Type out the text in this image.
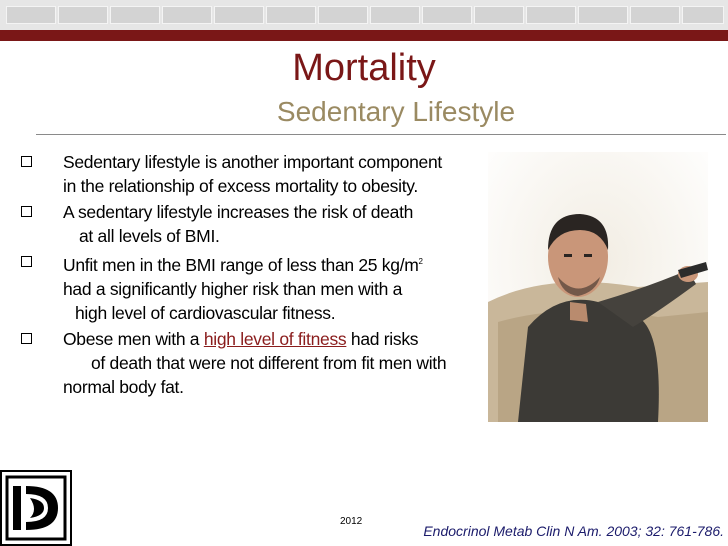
Mortality
Sedentary Lifestyle
Sedentary lifestyle is another important component
in the relationship of excess mortality to obesity.
A sedentary lifestyle increases the risk of death
at all levels of BMI.
Unfit men in the BMI range of less than 25 $kg/m^2$
had a significantly higher risk than men with a
high level of cardiovascular fitness.
Obese men with a high level of fitness had risks
of death that were not different from fit men with
normal body fat.
2012
Endocrinol Metab Clin N Am. 2003; 32: 761-786.
